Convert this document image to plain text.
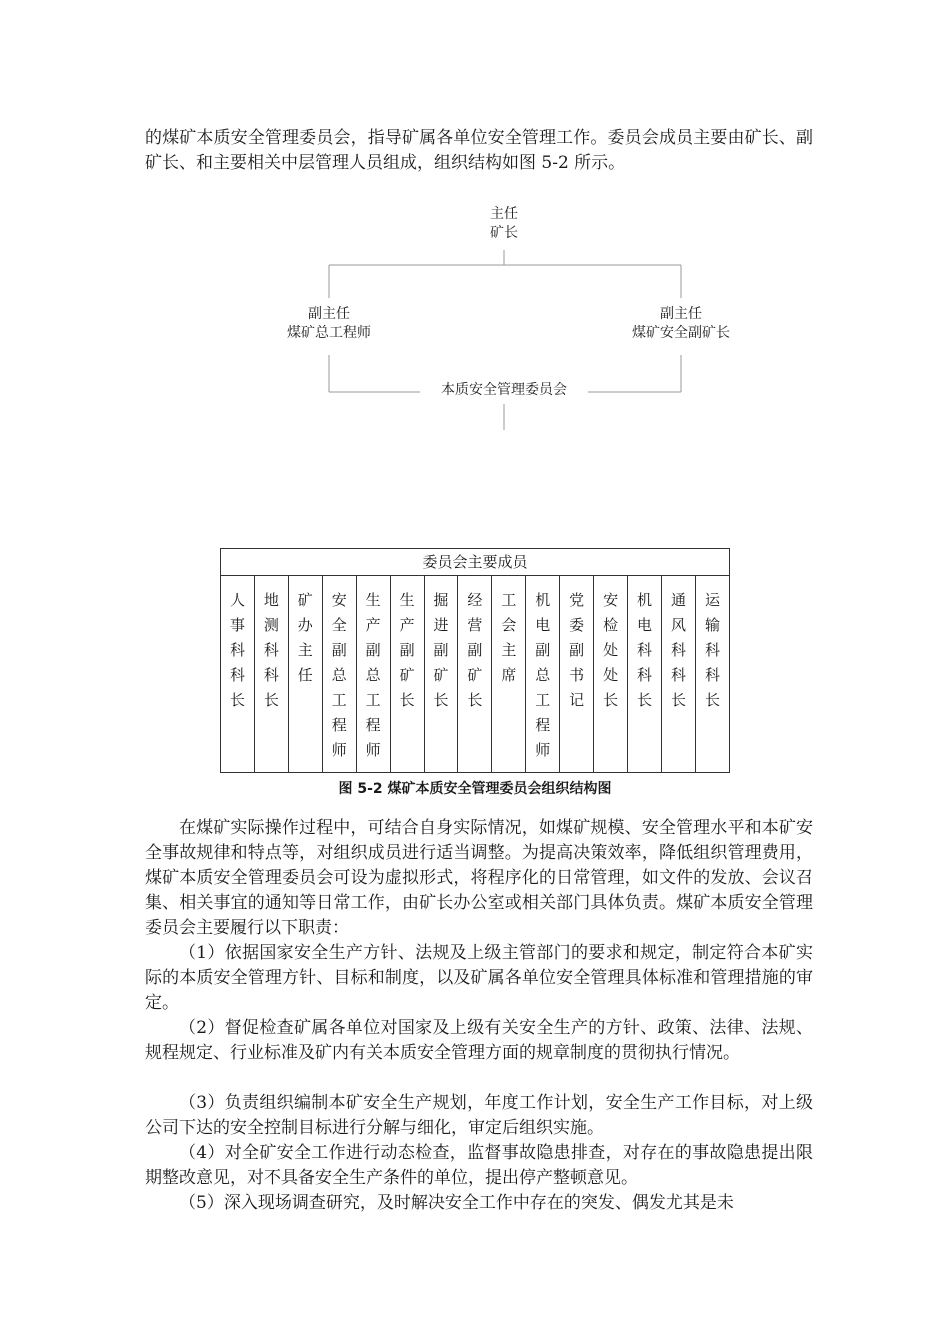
的煤矿本质安全管理委员会，指导矿属各单位安全管理工作。委员会成员主要由矿长、副矿长、和主要相关中层管理人员组成，组织结构如图 5-2 所示。

主任
矿长
副主任
煤矿总工程师
副主任
煤矿安全副矿长
本质安全管理委员会
委员会主要成员
人事科科长	地测科科长	矿办主任	安全副总工程师	生产副总工程师	生产副矿长	掘进副矿长	经营副矿长	工会主席	机电副总工程师	党委副书记	安检处处长	机电科科长	通风科科长	运输科科长
图 5-2 煤矿本质安全管理委员会组织结构图

在煤矿实际操作过程中，可结合自身实际情况，如煤矿规模、安全管理水平和本矿安全事故规律和特点等，对组织成员进行适当调整。为提高决策效率，降低组织管理费用，煤矿本质安全管理委员会可设为虚拟形式，将程序化的日常管理，如文件的发放、会议召集、相关事宜的通知等日常工作，由矿长办公室或相关部门具体负责。煤矿本质安全管理委员会主要履行以下职责：

（1）依据国家安全生产方针、法规及上级主管部门的要求和规定，制定符合本矿实际的本质安全管理方针、目标和制度，以及矿属各单位安全管理具体标准和管理措施的审定。

（2）督促检查矿属各单位对国家及上级有关安全生产的方针、政策、法律、法规、规程规定、行业标准及矿内有关本质安全管理方面的规章制度的贯彻执行情况。

（3）负责组织编制本矿安全生产规划，年度工作计划，安全生产工作目标，对上级公司下达的安全控制目标进行分解与细化，审定后组织实施。

（4）对全矿安全工作进行动态检查，监督事故隐患排查，对存在的事故隐患提出限期整改意见，对不具备安全生产条件的单位，提出停产整顿意见。

（5）深入现场调查研究，及时解决安全工作中存在的突发、偶发尤其是未
